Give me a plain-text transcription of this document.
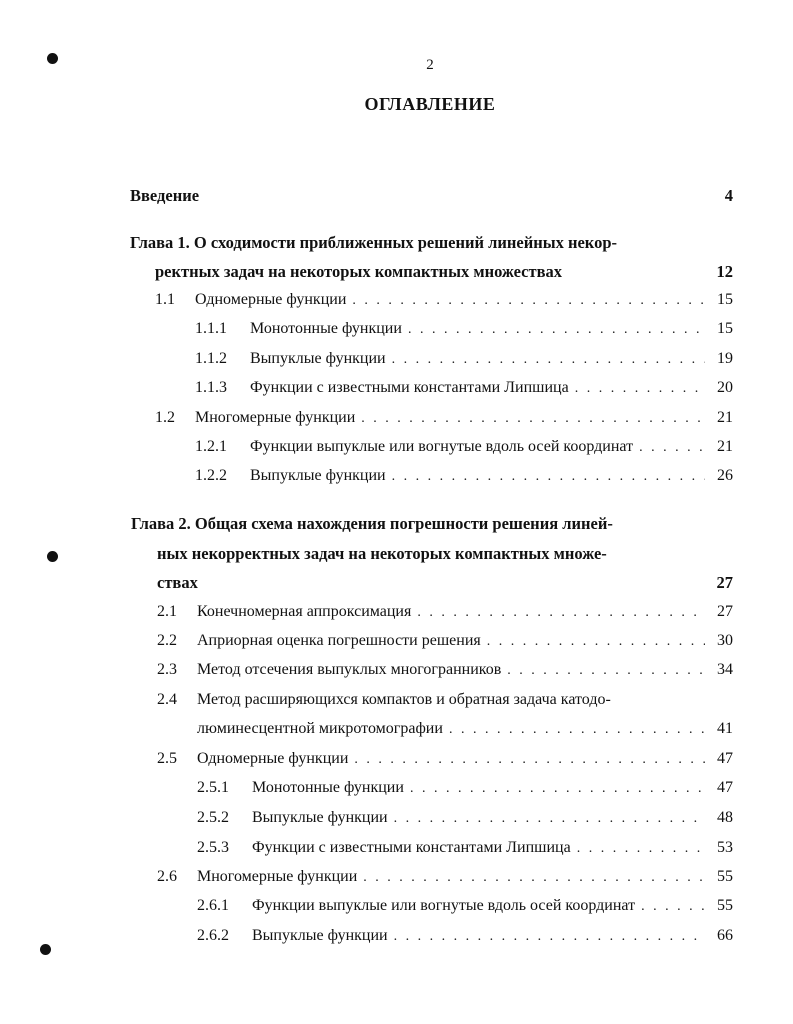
2
ОГЛАВЛЕНИЕ
Введение	4
Глава 1. О сходимости приближенных решений линейных некор-
ректных задач на некоторых компактных множествах	12
1.1	Одномерные функции . . .	15
1.1.1	Монотонные функции . . .	15
1.1.2	Выпуклые функции . . .	19
1.1.3	Функции с известными константами Липшица . . .	20
1.2	Многомерные функции . . .	21
1.2.1	Функции выпуклые или вогнутые вдоль осей координат . . .	21
1.2.2	Выпуклые функции . . .	26
Глава 2. Общая схема нахождения погрешности решения линей-
ных некорректных задач на некоторых компактных множе-
ствах	27
2.1	Конечномерная аппроксимация . . .	27
2.2	Априорная оценка погрешности решения . . .	30
2.3	Метод отсечения выпуклых многогранников . . .	34
2.4	Метод расширяющихся компактов и обратная задача катодо-
люминесцентной микротомографии . . .	41
2.5	Одномерные функции . . .	47
2.5.1	Монотонные функции . . .	47
2.5.2	Выпуклые функции . . .	48
2.5.3	Функции с известными константами Липшица . . .	53
2.6	Многомерные функции . . .	55
2.6.1	Функции выпуклые или вогнутые вдоль осей координат . . .	55
2.6.2	Выпуклые функции . . .	66
